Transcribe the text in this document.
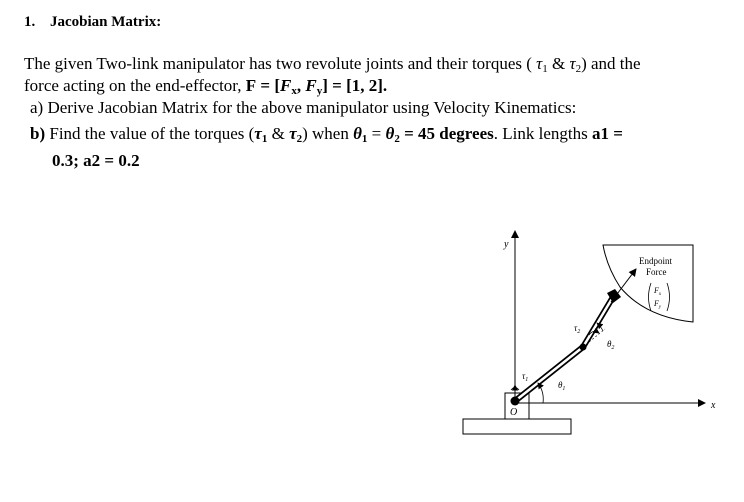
1. Jacobian Matrix:
The given Two-link manipulator has two revolute joints and their torques ( $\tau_1$ & $\tau_2$) and the
force acting on the end-effector, $F = [F_x$, $F_y] = [1$, 2].
a) Derive Jacobian Matrix for the above manipulator using Velocity Kinematics:
b) Find the value of the torques ($\tau_1$ & $\tau_2$) when $\theta_1 = \theta_2 = 45$ degrees. Link lengths a1 =
0.3; a2 = 0.2
O
y
x
Endpoint
Force
$F_x$
$F_y$
$\tau_1$
$\tau_2$
$\theta_1$
$\theta_2$
